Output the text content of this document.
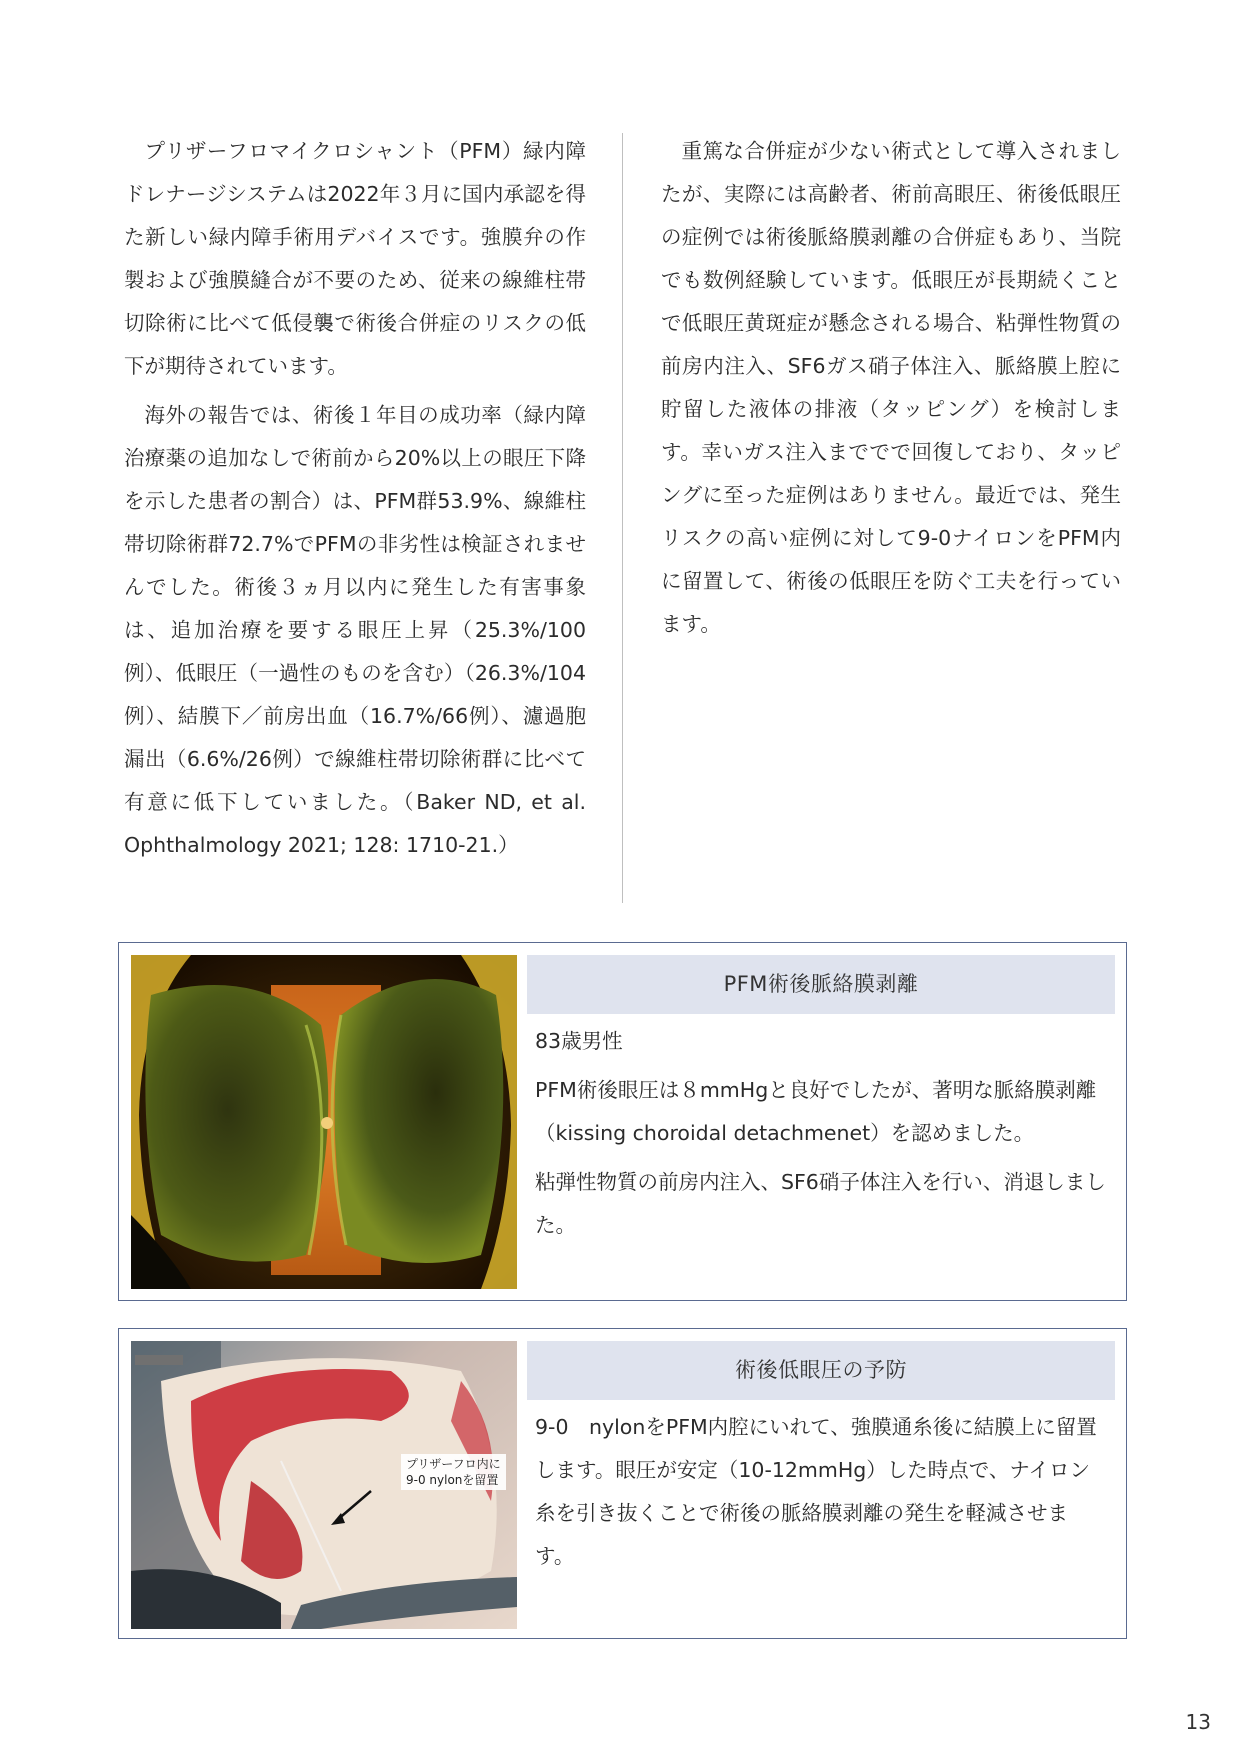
プリザーフロマイクロシャント（PFM）緑内障ドレナージシステムは2022年３月に国内承認を得た新しい緑内障手術用デバイスです。強膜弁の作製および強膜縫合が不要のため、従来の線維柱帯切除術に比べて低侵襲で術後合併症のリスクの低下が期待されています。

海外の報告では、術後１年目の成功率（緑内障治療薬の追加なしで術前から20%以上の眼圧下降を示した患者の割合）は、PFM群53.9%、線維柱帯切除術群72.7%でPFMの非劣性は検証されませんでした。術後３ヵ月以内に発生した有害事象は、追加治療を要する眼圧上昇（25.3%/100例）、低眼圧（一過性のものを含む）（26.3%/104例）、結膜下／前房出血（16.7%/66例）、濾過胞漏出（6.6%/26例）で線維柱帯切除術群に比べて有意に低下していました。（Baker ND, et al. Ophthalmology 2021; 128: 1710-21.）

重篤な合併症が少ない術式として導入されましたが、実際には高齢者、術前高眼圧、術後低眼圧の症例では術後脈絡膜剥離の合併症もあり、当院でも数例経験しています。低眼圧が長期続くことで低眼圧黄斑症が懸念される場合、粘弾性物質の前房内注入、SF6ガス硝子体注入、脈絡膜上腔に貯留した液体の排液（タッピング）を検討します。幸いガス注入まででで回復しており、タッピングに至った症例はありません。最近では、発生リスクの高い症例に対して9-0ナイロンをPFM内に留置して、術後の低眼圧を防ぐ工夫を行っています。

PFM術後脈絡膜剥離

83歳男性

PFM術後眼圧は８mmHgと良好でしたが、著明な脈絡膜剥離（kissing choroidal detachmenet）を認めました。

粘弾性物質の前房内注入、SF6硝子体注入を行い、消退しました。

プリザーフロ内に
9-0 nylonを留置
術後低眼圧の予防

9-0　nylonをPFM内腔にいれて、強膜通糸後に結膜上に留置します。眼圧が安定（10-12mmHg）した時点で、ナイロン糸を引き抜くことで術後の脈絡膜剥離の発生を軽減させます。

13
